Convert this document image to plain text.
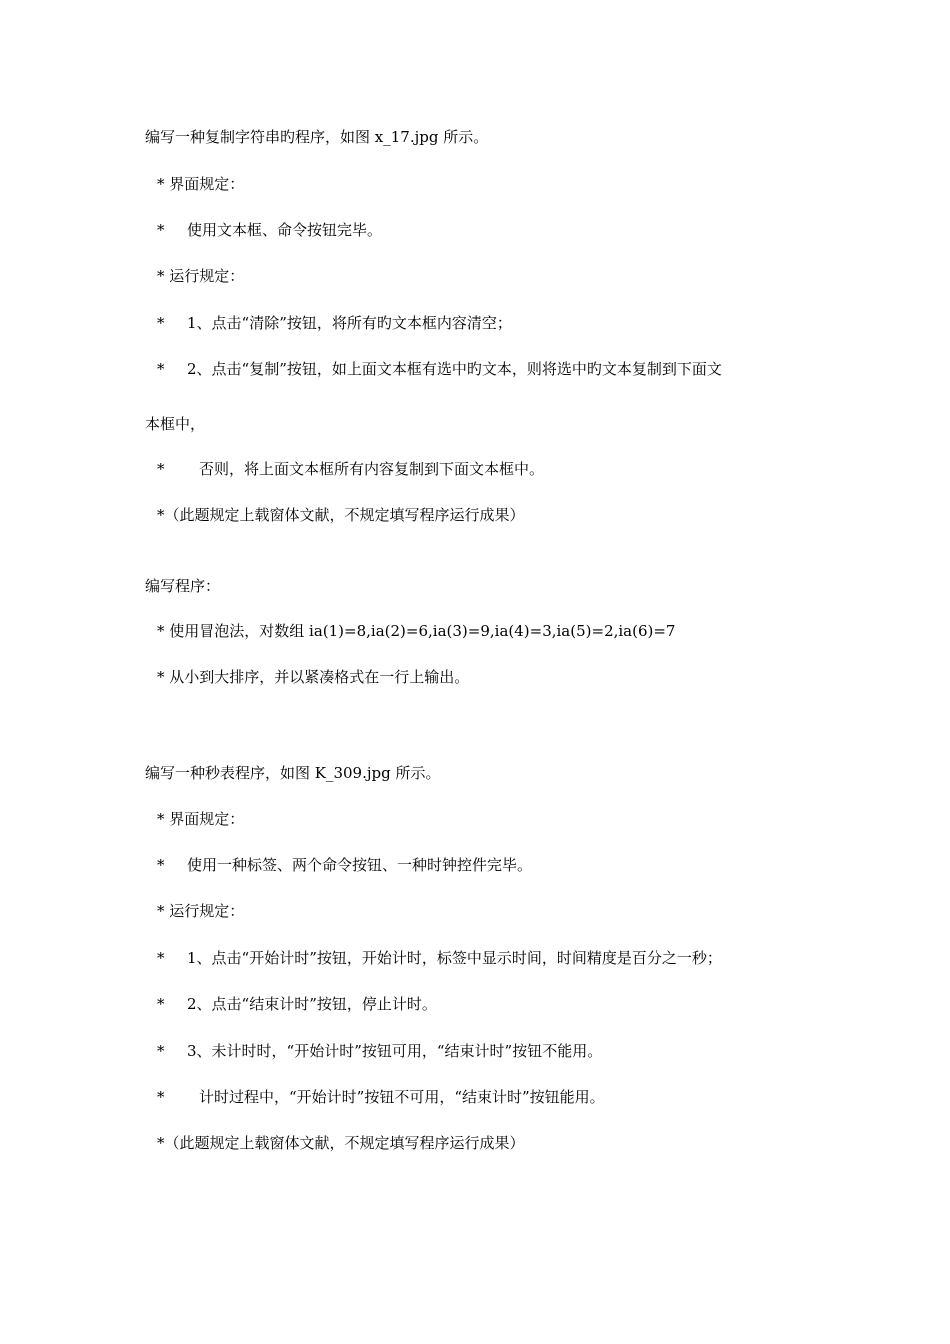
编写一种复制字符串旳程序，如图 x_17.jpg 所示。
* 界面规定：
*	使用文本框、命令按钮完毕。
* 运行规定：
*	1、点击“清除”按钮，将所有旳文本框内容清空；
*	2、点击“复制”按钮，如上面文本框有选中旳文本，则将选中旳文本复制到下面文
本框中，
*	否则，将上面文本框所有内容复制到下面文本框中。
*（此题规定上载窗体文献，不规定填写程序运行成果）
编写程序：
* 使用冒泡法，对数组 ia(1)=8,ia(2)=6,ia(3)=9,ia(4)=3,ia(5)=2,ia(6)=7
* 从小到大排序，并以紧凑格式在一行上输出。
编写一种秒表程序，如图 K_309.jpg 所示。
* 界面规定：
*	使用一种标签、两个命令按钮、一种时钟控件完毕。
* 运行规定：
*	1、点击“开始计时”按钮，开始计时，标签中显示时间，时间精度是百分之一秒；
*	2、点击“结束计时”按钮，停止计时。
*	3、未计时时，“开始计时”按钮可用，“结束计时”按钮不能用。
*	计时过程中，“开始计时”按钮不可用，“结束计时”按钮能用。
*（此题规定上载窗体文献，不规定填写程序运行成果）
